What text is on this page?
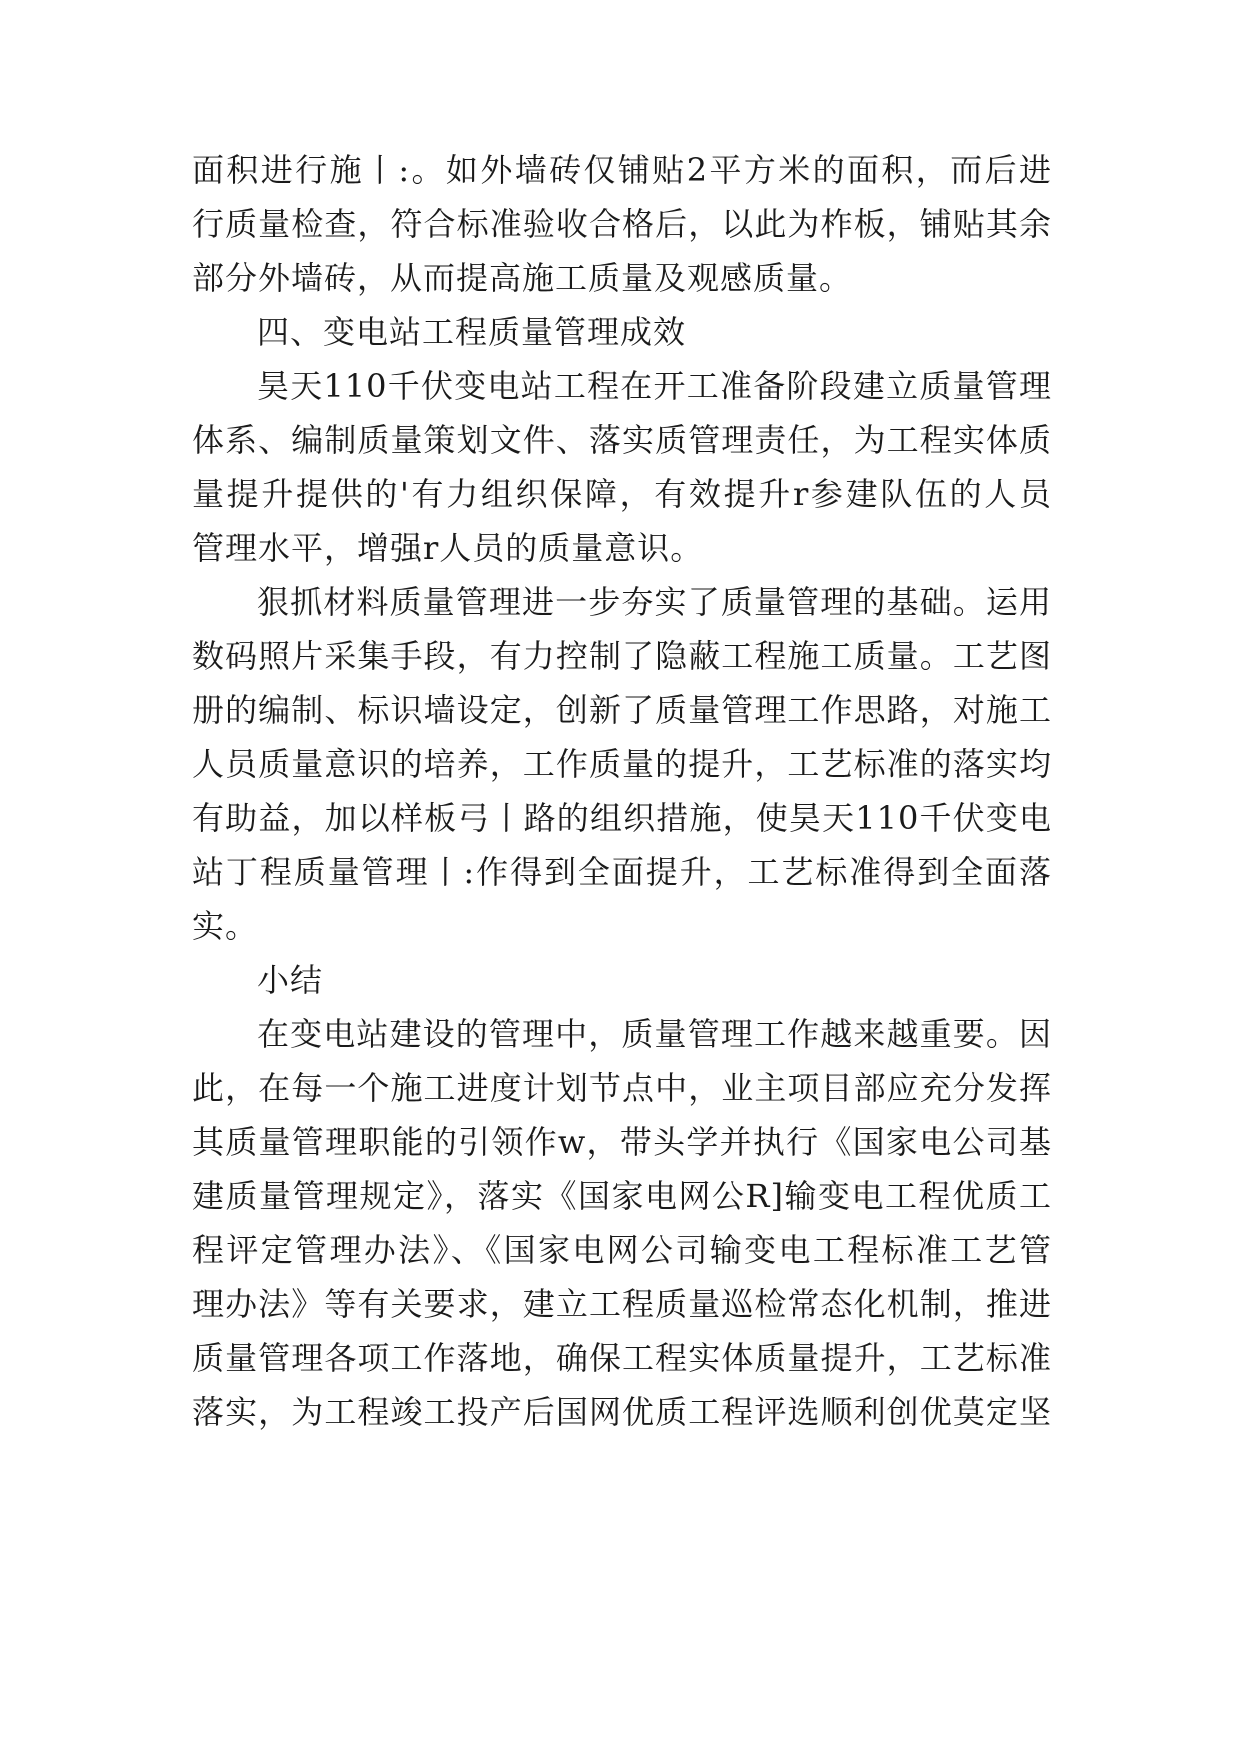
面积进行施丨:。如外墙砖仅铺贴2平方米的面积，而后进
行质量检查，符合标准验收合格后，以此为柞板，铺贴其余
部分外墙砖，从而提高施工质量及观感质量。
四、变电站工程质量管理成效
昊天110千伏变电站工程在开工准备阶段建立质量管理
体系、编制质量策划文件、落实质管理责任，为工程实体质
量提升提供的'有力组织保障，有效提升r参建队伍的人员
管理水平，增强r人员的质量意识。
狠抓材料质量管理进一步夯实了质量管理的基础。运用
数码照片采集手段，有力控制了隐蔽工程施工质量。工艺图
册的编制、标识墙设定，创新了质量管理工作思路，对施工
人员质量意识的培养，工作质量的提升，工艺标准的落实均
有助益，加以样板弓丨路的组织措施，使昊天110千伏变电
站丁程质量管理丨:作得到全面提升，工艺标准得到全面落
实。
小结
在变电站建设的管理中，质量管理工作越来越重要。因
此，在每一个施工进度计划节点中，业主项目部应充分发挥
其质量管理职能的引领作w，带头学并执行《国家电公司基
建质量管理规定》，落实《国家电网公R]输变电工程优质工
程评定管理办法》、《国家电网公司输变电工程标准工艺管
理办法》等有关要求，建立工程质量巡检常态化机制，推进
质量管理各项工作落地，确保工程实体质量提升，工艺标准
落实，为工程竣工投产后国网优质工程评选顺利创优莫定坚
